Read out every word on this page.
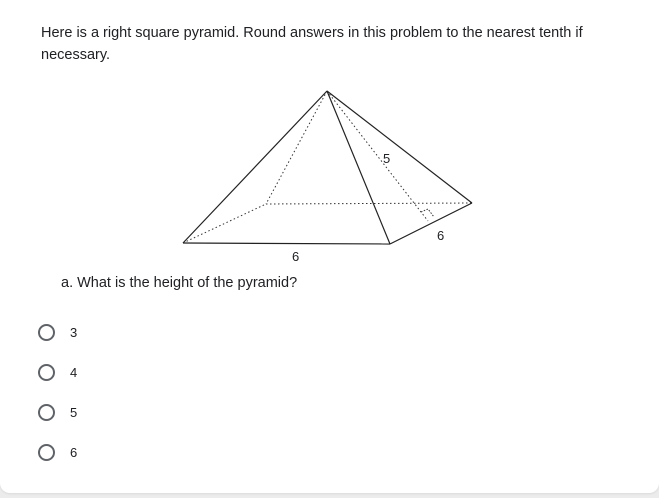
Here is a right square pyramid. Round answers in this problem to the nearest tenth if necessary.
5
6
6
a. What is the height of the pyramid?
3
4
5
6
